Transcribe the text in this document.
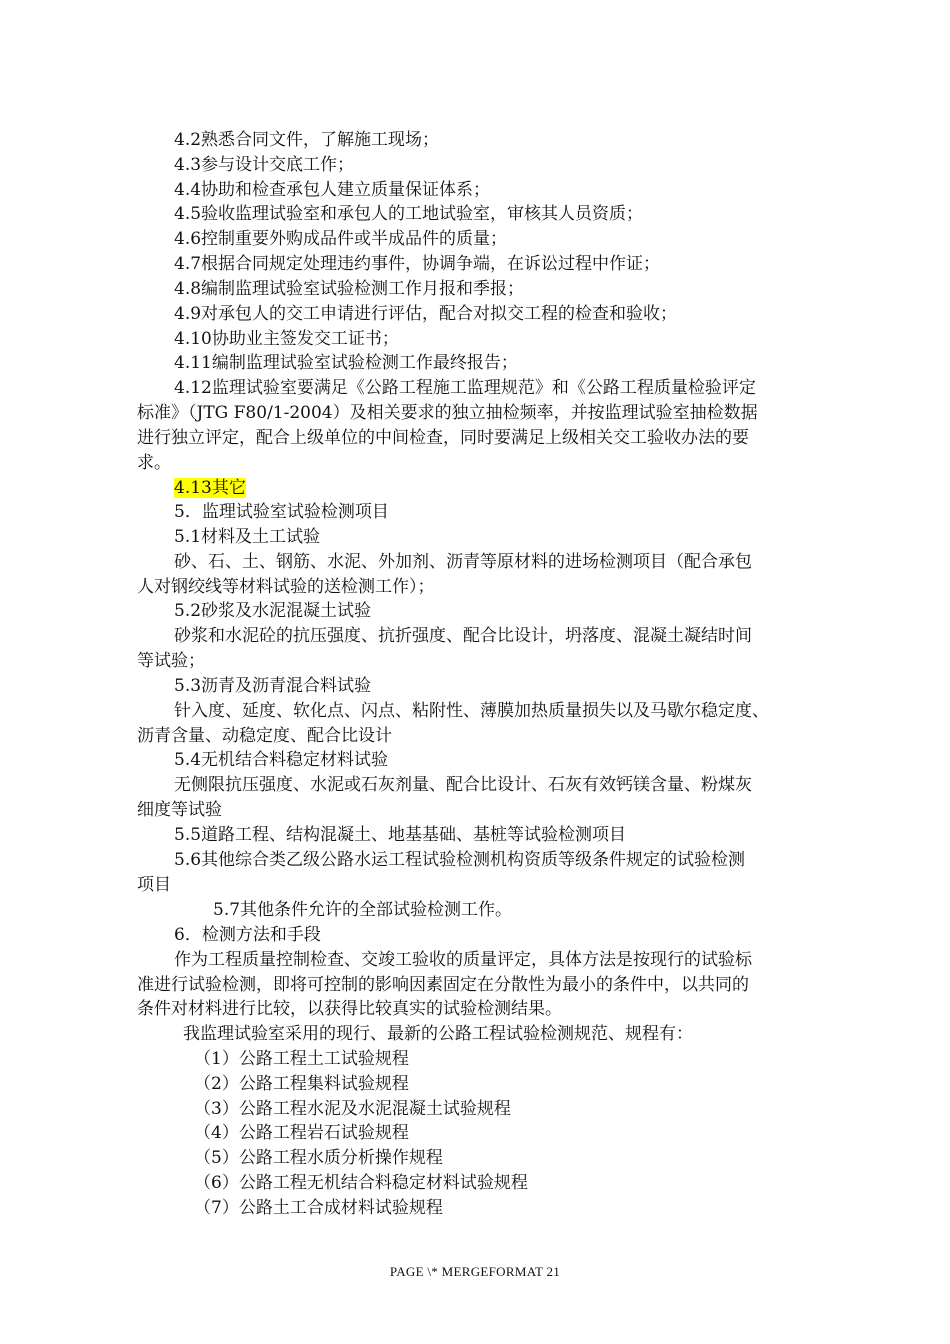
4.2熟悉合同文件，了解施工现场；
4.3参与设计交底工作；
4.4协助和检查承包人建立质量保证体系；
4.5验收监理试验室和承包人的工地试验室，审核其人员资质；
4.6控制重要外购成品件或半成品件的质量；
4.7根据合同规定处理违约事件，协调争端，在诉讼过程中作证；
4.8编制监理试验室试验检测工作月报和季报；
4.9对承包人的交工申请进行评估，配合对拟交工程的检查和验收；
4.10协助业主签发交工证书；
4.11编制监理试验室试验检测工作最终报告；
4.12监理试验室要满足《公路工程施工监理规范》和《公路工程质量检验评定
标准》（JTG F80/1-2004）及相关要求的独立抽检频率，并按监理试验室抽检数据
进行独立评定，配合上级单位的中间检查，同时要满足上级相关交工验收办法的要
求。
4.13其它
5．监理试验室试验检测项目
5.1材料及土工试验
砂、石、土、钢筋、水泥、外加剂、沥青等原材料的进场检测项目（配合承包
人对钢绞线等材料试验的送检测工作）；
5.2砂浆及水泥混凝土试验
砂浆和水泥砼的抗压强度、抗折强度、配合比设计，坍落度、混凝土凝结时间
等试验；
5.3沥青及沥青混合料试验
针入度、延度、软化点、闪点、粘附性、薄膜加热质量损失以及马歇尔稳定度、
沥青含量、动稳定度、配合比设计
5.4无机结合料稳定材料试验
无侧限抗压强度、水泥或石灰剂量、配合比设计、石灰有效钙镁含量、粉煤灰
细度等试验
5.5道路工程、结构混凝土、地基基础、基桩等试验检测项目
5.6其他综合类乙级公路水运工程试验检测机构资质等级条件规定的试验检测
项目
5.7其他条件允许的全部试验检测工作。
6．检测方法和手段
作为工程质量控制检查、交竣工验收的质量评定，具体方法是按现行的试验标
准进行试验检测，即将可控制的影响因素固定在分散性为最小的条件中，以共同的
条件对材料进行比较，以获得比较真实的试验检测结果。
我监理试验室采用的现行、最新的公路工程试验检测规范、规程有：
（1）公路工程土工试验规程
（2）公路工程集料试验规程
（3）公路工程水泥及水泥混凝土试验规程
（4）公路工程岩石试验规程
（5）公路工程水质分析操作规程
（6）公路工程无机结合料稳定材料试验规程
（7）公路土工合成材料试验规程
PAGE \* MERGEFORMAT 21
